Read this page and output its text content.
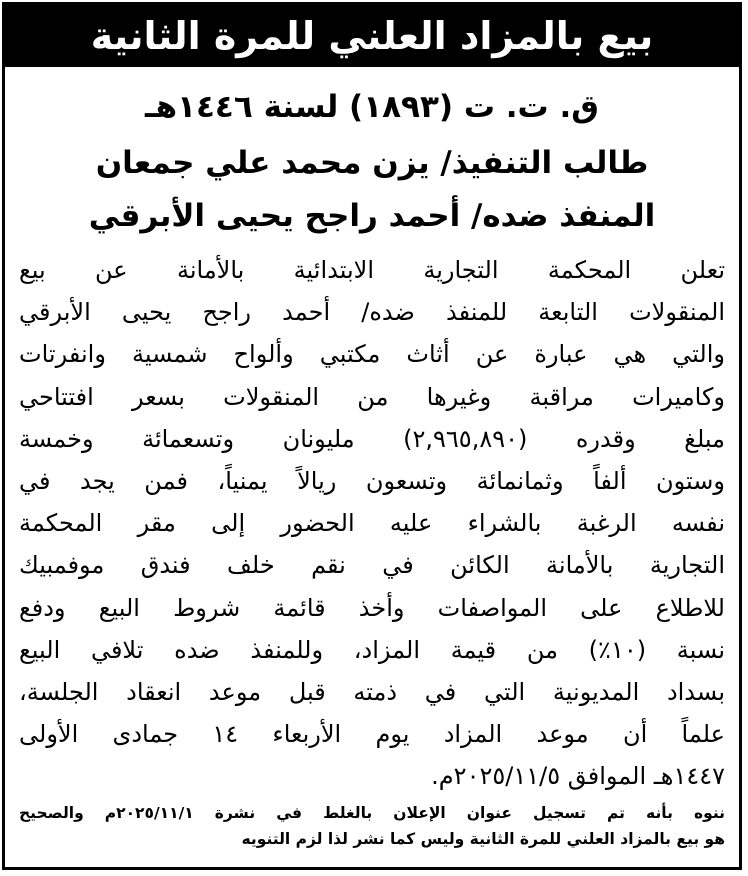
بيع بالمزاد العلني للمرة الثانية
ق. ت. ت (١٨٩٣) لسنة ١٤٤٦هـ
طالب التنفيذ/ يزن محمد علي جمعان
المنفذ ضده/ أحمد راجح يحيى الأبرقي
تعلن المحكمة التجارية الابتدائية بالأمانة عن بيع
المنقولات التابعة للمنفذ ضده/ أحمد راجح يحيى الأبرقي
والتي هي عبارة عن أثاث مكتبي وألواح شمسية وانفرتات
وكاميرات مراقبة وغيرها من المنقولات بسعر افتتاحي
مبلغ وقدره (٢,٩٦٥,٨٩٠) مليونان وتسعمائة وخمسة
وستون ألفاً وثمانمائة وتسعون ريالاً يمنياً، فمن يجد في
نفسه الرغبة بالشراء عليه الحضور إلى مقر المحكمة
التجارية بالأمانة الكائن في نقم خلف فندق موفمبيك
للاطلاع على المواصفات وأخذ قائمة شروط البيع ودفع
نسبة (١٠٪) من قيمة المزاد، وللمنفذ ضده تلافي البيع
بسداد المديونية التي في ذمته قبل موعد انعقاد الجلسة،
علماً أن موعد المزاد يوم الأربعاء ١٤ جمادى الأولى
١٤٤٧هـ الموافق ٢٠٢٥/١١/٥م.
ننوه بأنه تم تسجيل عنوان الإعلان بالغلط في نشرة ٢٠٢٥/١١/١م والصحيح
هو بيع بالمزاد العلني للمرة الثانية وليس كما نشر لذا لزم التنويه
